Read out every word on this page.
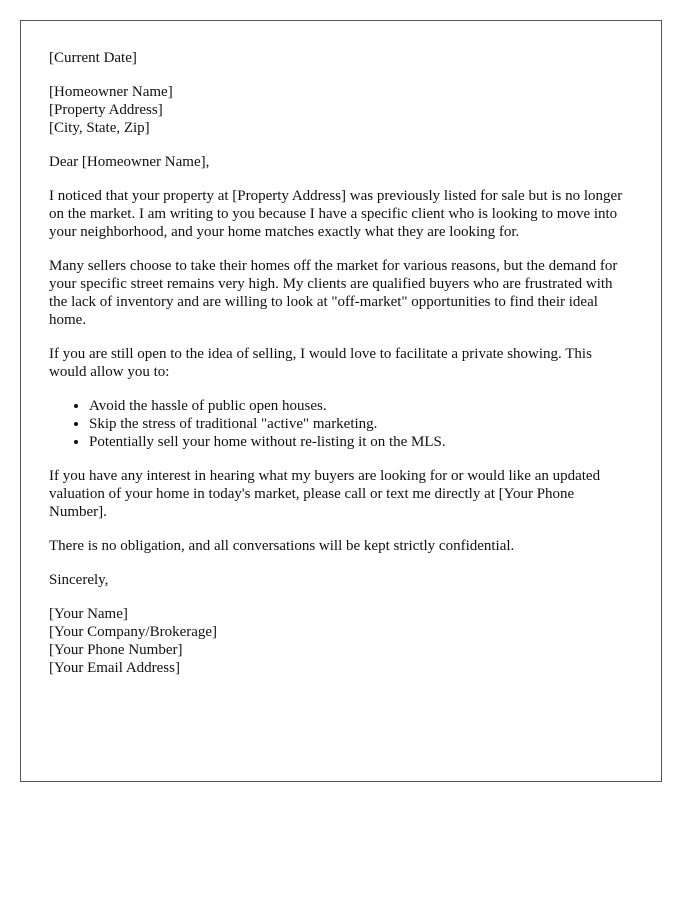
[Current Date]

[Homeowner Name]
[Property Address]
[City, State, Zip]

Dear [Homeowner Name],

I noticed that your property at [Property Address] was previously listed for sale but is no longer on the market. I am writing to you because I have a specific client who is looking to move into your neighborhood, and your home matches exactly what they are looking for.

Many sellers choose to take their homes off the market for various reasons, but the demand for your specific street remains very high. My clients are qualified buyers who are frustrated with the lack of inventory and are willing to look at "off-market" opportunities to find their ideal home.

If you are still open to the idea of selling, I would love to facilitate a private showing. This would allow you to:

• Avoid the hassle of public open houses.
• Skip the stress of traditional "active" marketing.
• Potentially sell your home without re-listing it on the MLS.

If you have any interest in hearing what my buyers are looking for or would like an updated valuation of your home in today's market, please call or text me directly at [Your Phone Number].

There is no obligation, and all conversations will be kept strictly confidential.

Sincerely,

[Your Name]
[Your Company/Brokerage]
[Your Phone Number]
[Your Email Address]
